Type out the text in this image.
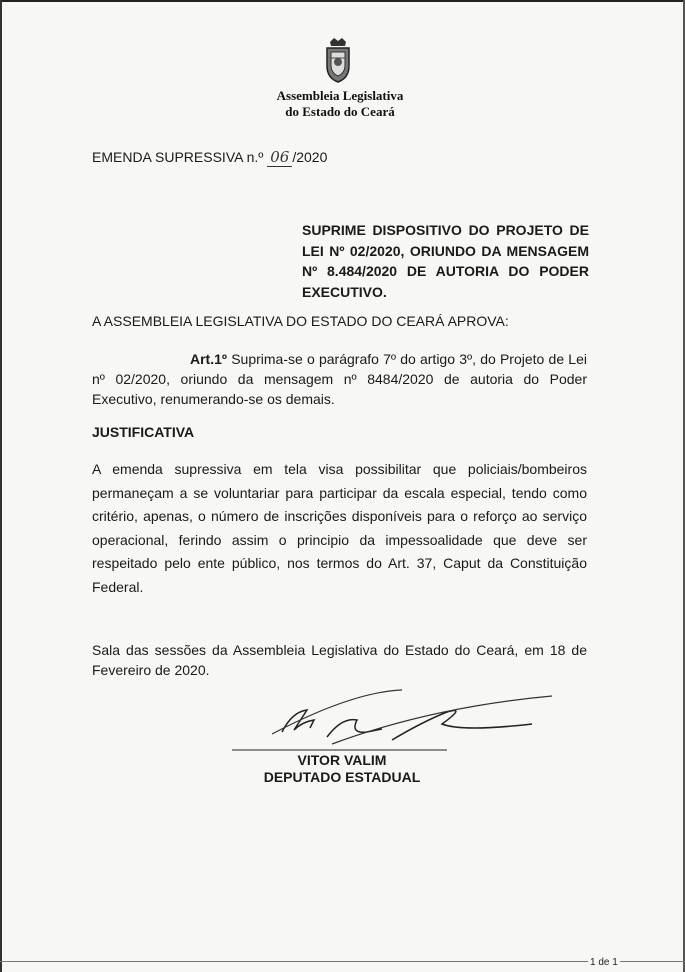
Assembleia Legislativa
do Estado do Ceará
EMENDA SUPRESSIVA n.º 06 /2020
SUPRIME DISPOSITIVO DO PROJETO DE
LEI Nº 02/2020, ORIUNDO DA MENSAGEM
Nº 8.484/2020 DE AUTORIA DO PODER
EXECUTIVO.
A ASSEMBLEIA LEGISLATIVA DO ESTADO DO CEARÁ APROVA:
Art.1º Suprima-se o parágrafo 7º do artigo 3º, do Projeto de Lei nº 02/2020, oriundo da mensagem nº 8484/2020 de autoria do Poder Executivo, renumerando-se os demais.
JUSTIFICATIVA
A emenda supressiva em tela visa possibilitar que policiais/bombeiros permaneçam a se voluntariar para participar da escala especial, tendo como critério, apenas, o número de inscrições disponíveis para o reforço ao serviço operacional, ferindo assim o principio da impessoalidade que deve ser respeitado pelo ente público, nos termos do Art. 37, Caput da Constituição Federal.
Sala das sessões da Assembleia Legislativa do Estado do Ceará, em 18 de Fevereiro de 2020.
VITOR VALIM
DEPUTADO ESTADUAL
1 de 1
